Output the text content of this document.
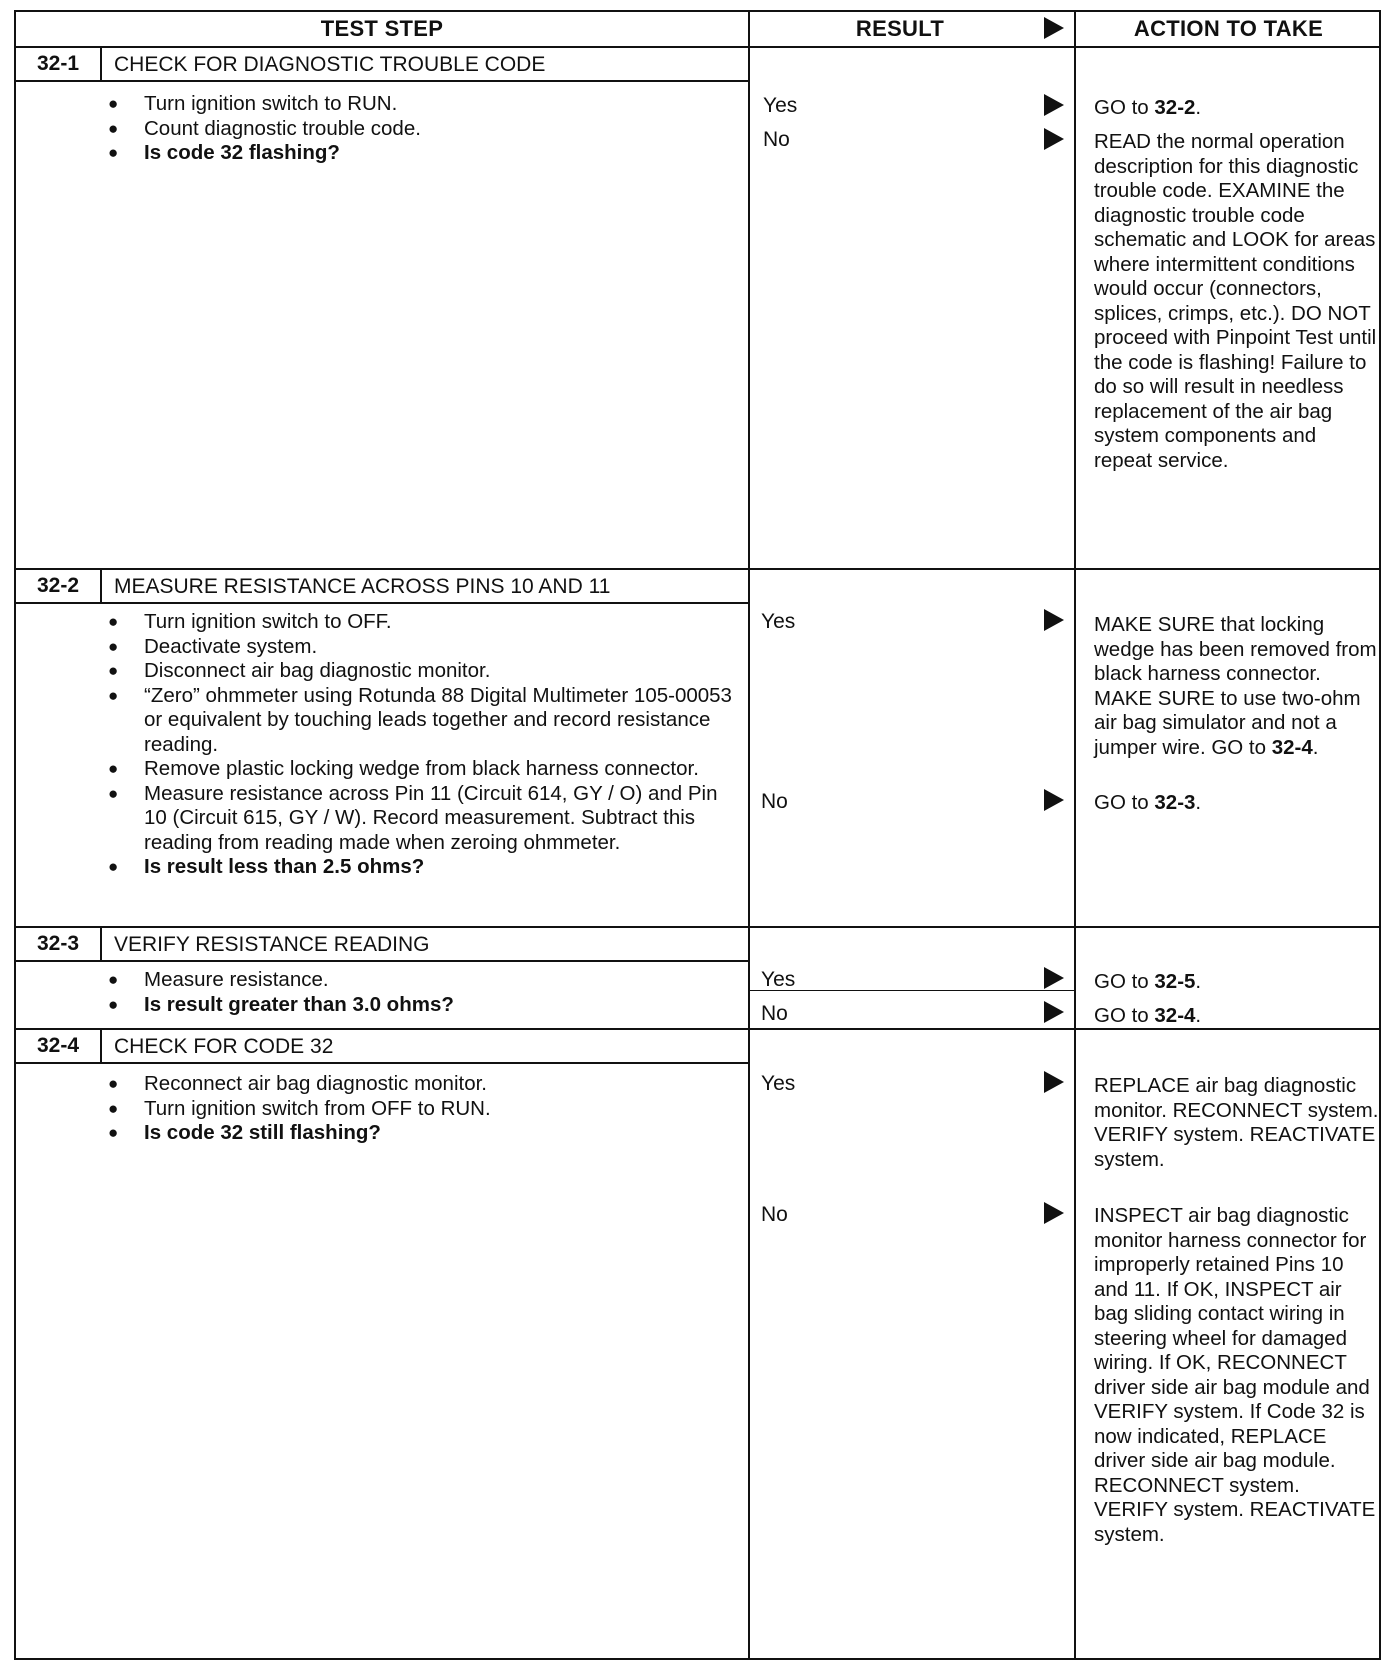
TEST STEP	RESULT	ACTION TO TAKE
32-1	CHECK FOR DIAGNOSTIC TROUBLE CODE
● Turn ignition switch to RUN.
● Count diagnostic trouble code.
● Is code 32 flashing?
Yes	GO to 32-2.
No	READ the normal operation description for this diagnostic trouble code. EXAMINE the diagnostic trouble code schematic and LOOK for areas where intermittent conditions would occur (connectors, splices, crimps, etc.). DO NOT proceed with Pinpoint Test until the code is flashing! Failure to do so will result in needless replacement of the air bag system components and repeat service.
32-2	MEASURE RESISTANCE ACROSS PINS 10 AND 11
● Turn ignition switch to OFF.
● Deactivate system.
● Disconnect air bag diagnostic monitor.
● “Zero” ohmmeter using Rotunda 88 Digital Multimeter 105-00053 or equivalent by touching leads together and record resistance reading.
● Remove plastic locking wedge from black harness connector.
● Measure resistance across Pin 11 (Circuit 614, GY / O) and Pin 10 (Circuit 615, GY / W). Record measurement. Subtract this reading from reading made when zeroing ohmmeter.
● Is result less than 2.5 ohms?
Yes	MAKE SURE that locking wedge has been removed from black harness connector. MAKE SURE to use two-ohm air bag simulator and not a jumper wire. GO to 32-4.
No	GO to 32-3.
32-3	VERIFY RESISTANCE READING
● Measure resistance.
● Is result greater than 3.0 ohms?
Yes	GO to 32-5.
No	GO to 32-4.
32-4	CHECK FOR CODE 32
● Reconnect air bag diagnostic monitor.
● Turn ignition switch from OFF to RUN.
● Is code 32 still flashing?
Yes	REPLACE air bag diagnostic monitor. RECONNECT system. VERIFY system. REACTIVATE system.
No	INSPECT air bag diagnostic monitor harness connector for improperly retained Pins 10 and 11. If OK, INSPECT air bag sliding contact wiring in steering wheel for damaged wiring. If OK, RECONNECT driver side air bag module and VERIFY system. If Code 32 is now indicated, REPLACE driver side air bag module. RECONNECT system. VERIFY system. REACTIVATE system.
